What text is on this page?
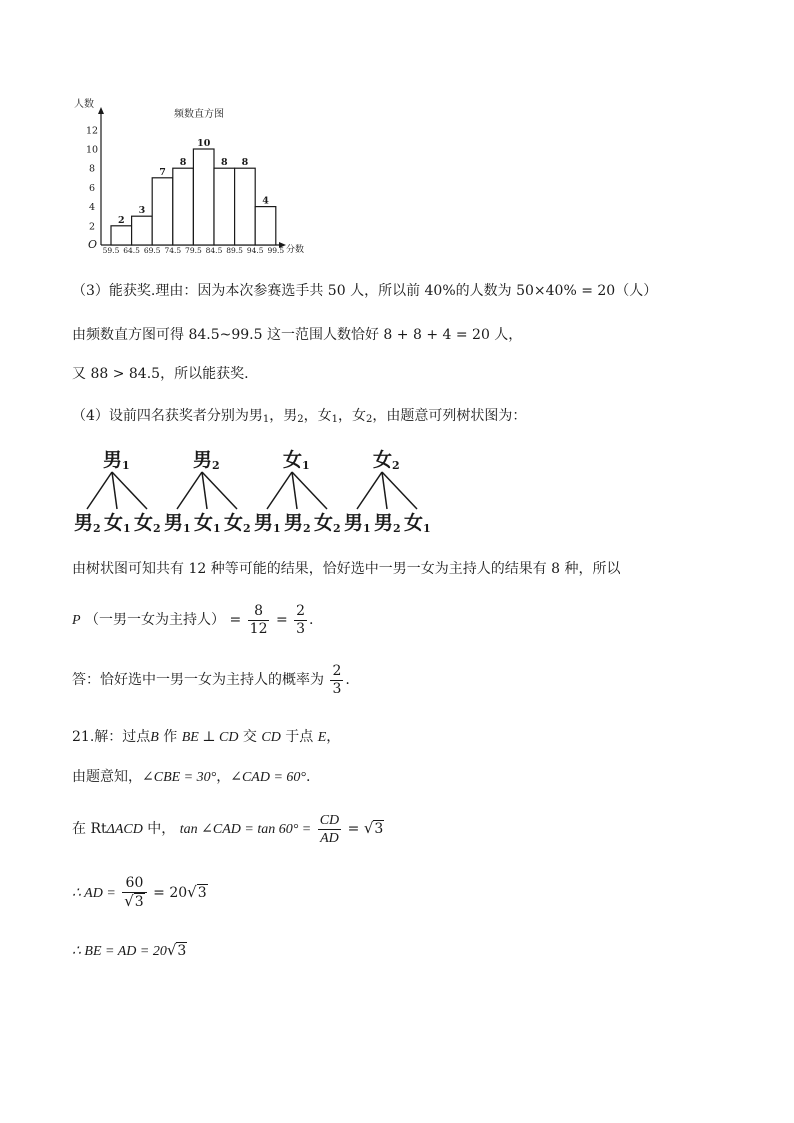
频数直方图
人数
分数
O
2
4
6
8
10
12
2
3
7
8
10
8 8
4
59.5 64.5 69.5 74.5 79.5 84.5 89.5 94.5 99.5
（3）能获奖.理由：因为本次参赛选手共 50 人，所以前 40%的人数为 50×40% = 20（人）
由频数直方图可得 84.5~99.5 这一范围人数恰好 8 + 8 + 4 = 20 人，
又 88 > 84.5，所以能获奖.
（4）设前四名获奖者分别为男$_1$，男$_2$，女$_1$，女$_2$，由题意可列树状图为：
男$_1$
男$_2$ 女$_1$ 女$_2$
男$_2$
男$_1$ 女$_1$ 女$_2$
女$_1$
男$_1$ 男$_2$ 女$_2$
女$_2$
男$_1$ 男$_2$ 女$_1$
由树状图可知共有 12 种等可能的结果，恰好选中一男一女为主持人的结果有 8 种，所以
P （一男一女为主持人） = $\frac{8}{12} = \frac{2}{3}$ .
答：恰好选中一男一女为主持人的概率为 $\frac{2}{3}$ .
21.解：过点B 作 BE ⊥ CD 交 CD 于点 E，
由题意知，∠CBE = 30°，∠CAD = 60°.
在 RtΔACD 中， tan ∠CAD = $\tan 60^\circ = \frac{CD}{AD} = √3$
∴ AD = $\frac{60}{√3} = 20√3$
∴ BE = AD = 20√3
